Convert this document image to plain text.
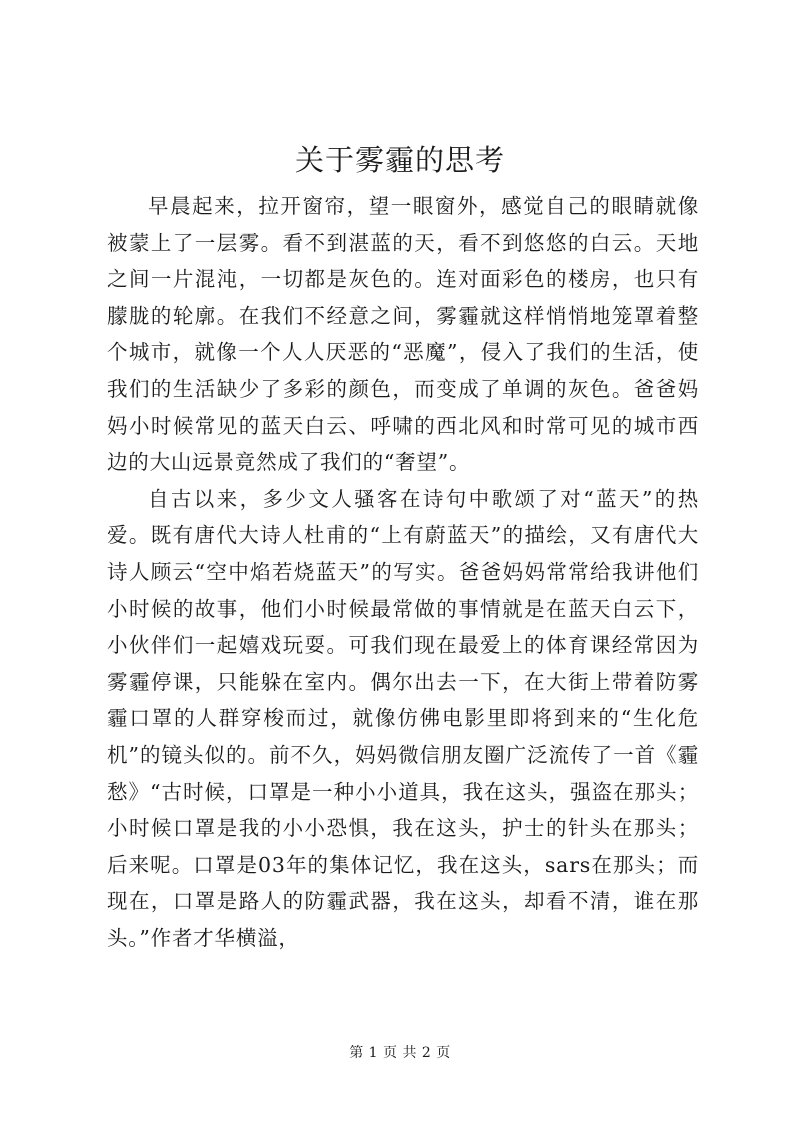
关于雾霾的思考

早晨起来，拉开窗帘，望一眼窗外，感觉自己的眼睛就像被蒙上了一层雾。看不到湛蓝的天，看不到悠悠的白云。天地之间一片混沌，一切都是灰色的。连对面彩色的楼房，也只有朦胧的轮廓。在我们不经意之间，雾霾就这样悄悄地笼罩着整个城市，就像一个人人厌恶的“恶魔”，侵入了我们的生活，使我们的生活缺少了多彩的颜色，而变成了单调的灰色。爸爸妈妈小时候常见的蓝天白云、呼啸的西北风和时常可见的城市西边的大山远景竟然成了我们的“奢望”。

自古以来，多少文人骚客在诗句中歌颂了对“蓝天”的热爱。既有唐代大诗人杜甫的“上有蔚蓝天”的描绘，又有唐代大诗人顾云“空中焰若烧蓝天”的写实。爸爸妈妈常常给我讲他们小时候的故事，他们小时候最常做的事情就是在蓝天白云下，小伙伴们一起嬉戏玩耍。可我们现在最爱上的体育课经常因为雾霾停课，只能躲在室内。偶尔出去一下，在大街上带着防雾霾口罩的人群穿梭而过，就像仿佛电影里即将到来的“生化危机”的镜头似的。前不久，妈妈微信朋友圈广泛流传了一首《霾愁》“古时候，口罩是一种小小道具，我在这头，强盗在那头；小时候口罩是我的小小恐惧，我在这头，护士的针头在那头；后来呢。口罩是03年的集体记忆，我在这头，sars在那头；而现在，口罩是路人的防霾武器，我在这头，却看不清，谁在那头。”作者才华横溢，

第 1 页 共 2 页
